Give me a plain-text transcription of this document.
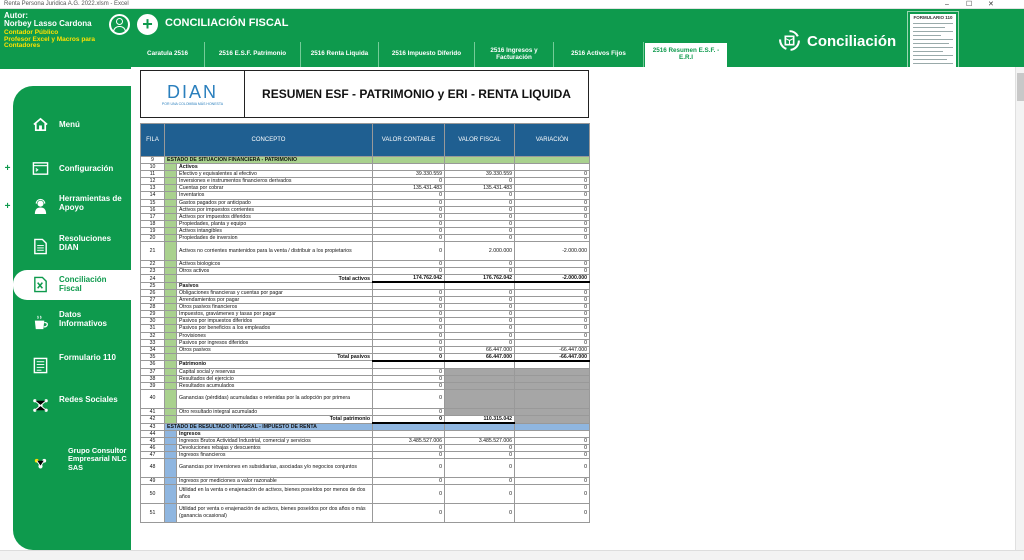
Renta Persona Juridica A.G. 2022.xlsm - Excel	– ☐ ✕
Autor:
Norbey Lasso Cardona
Contador Público
Profesor Excel y Macros para Contadores
+ CONCILIACIÓN FISCAL
Conciliación
FORMULARIO 110
Caratula 2516	2516 E.S.F. Patrimonio	2516 Renta Liquida	2516 Impuesto Diferido	2516 Ingresos y Facturación	2516 Activos Fijos	2516 Resumen E.S.F. - E.R.I
Menú
Configuración
+
Herramientas de Apoyo
+
Resoluciones DIAN
Conciliación Fiscal
Datos Informativos
Formulario 110
Redes Sociales
Grupo Consultor Empresarial NLC SAS
DIAN
POR UNA COLOMBIA MÁS HONESTA
RESUMEN ESF - PATRIMONIO y ERI - RENTA LIQUIDA
FILA	CONCEPTO		VALOR CONTABLE	VALOR FISCAL	VARIACIÓN
9	ESTADO DE SITUACION FINANCIERA - PATRIMONIO				
10		Activos			
11		Efectivo y equivalentes al efectivo	39.330.559	39.330.559	0
12		Inversiones e instrumentos financieros derivados	0	0	0
13		Cuentas por cobrar	135.431.483	135.431.483	0
14		Inventarios	0	0	0
15		Gastos pagados por anticipado	0	0	0
16		Activos por impuestos corrientes	0	0	0
17		Activos por impuestos diferidos	0	0	0
18		Propiedades, planta y equipo	0	0	0
19		Activos intangibles	0	0	0
20		Propiedades de inversion	0	0	0
21		Activos no corrientes mantenidos para la venta / distribuir a los propietarios	0	2.000.000	-2.000.000
22		Activos biologicos	0	0	0
23		Otros activos	0	0	0
24		Total activos	174.762.042	176.762.042	-2.000.000
25		Pasivos			
26		Obligaciones financieras y cuentas por pagar	0	0	0
27		Arrendamientos por pagar	0	0	0
28		Otros pasivos financieros	0	0	0
29		Impuestos, gravámenes y tasas por pagar	0	0	0
30		Pasivos por impuestos diferidos	0	0	0
31		Pasivos por beneficios a los empleados	0	0	0
32		Provisiones	0	0	0
33		Pasivos por ingresos diferidos	0	0	0
34		Otros pasivos	0	66.447.000	-66.447.000
35		Total pasivos	0	66.447.000	-66.447.000
36		Patrimonio			
37		Capital social y reservas	0		
38		Resultados del ejercicio	0		
39		Resultados acumulados	0		
40		Ganancias (pérdidas) acumuladas o retenidas por la adopción por primera	0		
41		Otro resultado integral acumulado	0		
42		Total patrimonio	0	110.315.042	
43	ESTADO DE RESULTADO INTEGRAL - IMPUESTO DE RENTA				
44		Ingresos			
45		Ingresos Brutos Actividad Industrial, comercial y servicios	3.485.527.006	3.485.527.006	0
46		Devoluciones rebajas y descuentos	0	0	0
47		Ingresos financieros	0	0	0
48		Ganancias por inversiones en subsidiarias, asociadas y/o negocios conjuntos	0	0	0
49		Ingresos por mediciones a valor razonable	0	0	0
50		Utilidad en la venta o enajenación de activos, bienes poseídos por menos de dos años	0	0	0
51		Utilidad por venta o enajenación de activos, bienes poseídos por dos años o más (ganancia ocasional)	0	0	0
